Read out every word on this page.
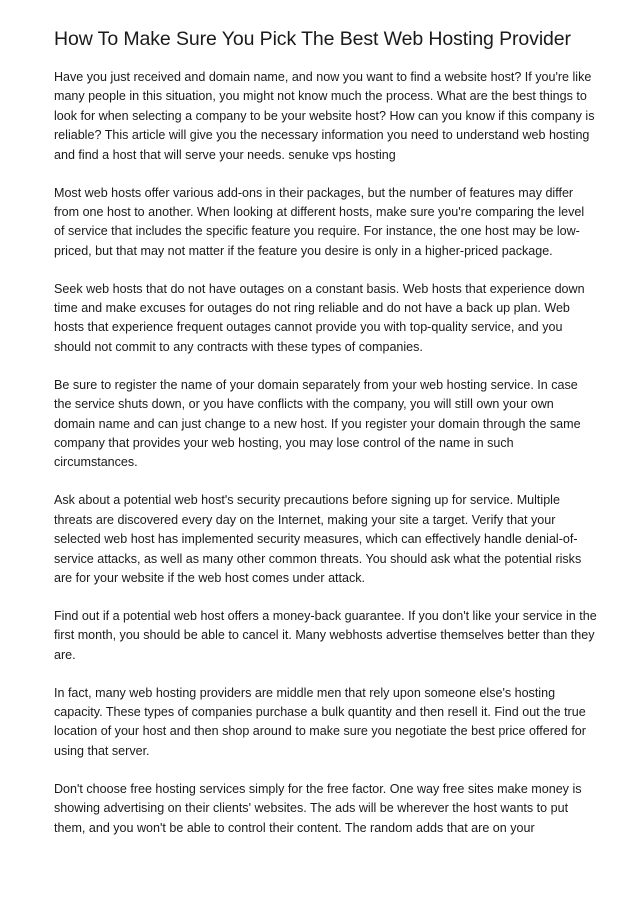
How To Make Sure You Pick The Best Web Hosting Provider

Have you just received and domain name, and now you want to find a website host? If you're like many people in this situation, you might not know much the process. What are the best things to look for when selecting a company to be your website host? How can you know if this company is reliable? This article will give you the necessary information you need to understand web hosting and find a host that will serve your needs. senuke vps hosting

Most web hosts offer various add-ons in their packages, but the number of features may differ from one host to another. When looking at different hosts, make sure you're comparing the level of service that includes the specific feature you require. For instance, the one host may be low-priced, but that may not matter if the feature you desire is only in a higher-priced package.

Seek web hosts that do not have outages on a constant basis. Web hosts that experience down time and make excuses for outages do not ring reliable and do not have a back up plan. Web hosts that experience frequent outages cannot provide you with top-quality service, and you should not commit to any contracts with these types of companies.

Be sure to register the name of your domain separately from your web hosting service. In case the service shuts down, or you have conflicts with the company, you will still own your own domain name and can just change to a new host. If you register your domain through the same company that provides your web hosting, you may lose control of the name in such circumstances.

Ask about a potential web host's security precautions before signing up for service. Multiple threats are discovered every day on the Internet, making your site a target. Verify that your selected web host has implemented security measures, which can effectively handle denial-of-service attacks, as well as many other common threats. You should ask what the potential risks are for your website if the web host comes under attack.

Find out if a potential web host offers a money-back guarantee. If you don't like your service in the first month, you should be able to cancel it. Many webhosts advertise themselves better than they are.

In fact, many web hosting providers are middle men that rely upon someone else's hosting capacity. These types of companies purchase a bulk quantity and then resell it. Find out the true location of your host and then shop around to make sure you negotiate the best price offered for using that server.

Don't choose free hosting services simply for the free factor. One way free sites make money is showing advertising on their clients' websites. The ads will be wherever the host wants to put them, and you won't be able to control their content. The random adds that are on your
